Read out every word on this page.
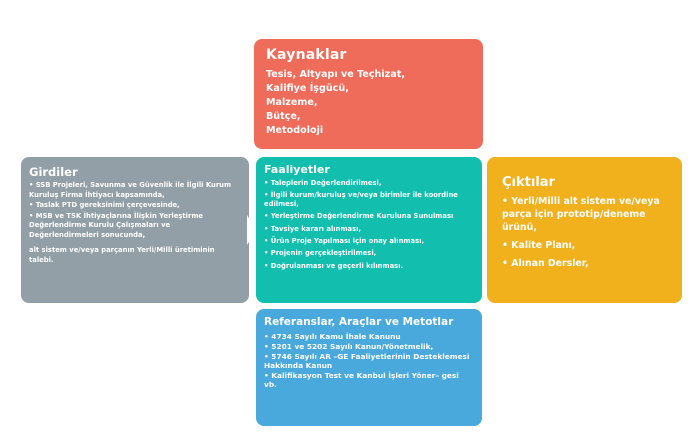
Kaynaklar
Tesis, Altyapı ve Teçhizat,
Kalifiye İşgücü,
Malzeme,
Bütçe,
Metodoloji
Girdiler
• SSB Projeleri, Savunma ve Güvenlik ile İlgili Kurum Kuruluş Firma İhtiyacı kapsamında,
• Taslak PTD gereksinimi çerçevesinde,
• MSB ve TSK İhtiyaçlarına İlişkin Yerleştirme Değerlendirme Kurulu Çalışmaları ve Değerlendirmeleri sonucunda,
alt sistem ve/veya parçanın Yerli/Milli üretiminin talebi.
Faaliyetler
• Taleplerin Değerlendirilmesi,
• İlgili kurum/kuruluş ve/veya birimler ile koordine edilmesi,
• Yerleştirme Değerlendirme Kuruluna Sunulması
• Tavsiye kararı alınması,
• Ürün Proje Yapılması için onay alınması,
• Projenin gerçekleştirilmesi,
• Doğrulanması ve geçerli kılınması.
Çıktılar
• Yerli/Milli alt sistem ve/veya parça için prototip/deneme ürünü,
• Kalite Planı,
• Alınan Dersler,
Referanslar, Araçlar ve Metotlar
• 4734 Sayılı Kamu İhale Kanunu
• 5201 ve 5202 Sayılı Kanun/Yönetmelik,
• 5746 Sayılı AR –GE Faaliyetlerinin Desteklemesi Hakkında Kanun
• Kalifikasyon Test ve Kanbul İşleri Yöner– gesi vb.
